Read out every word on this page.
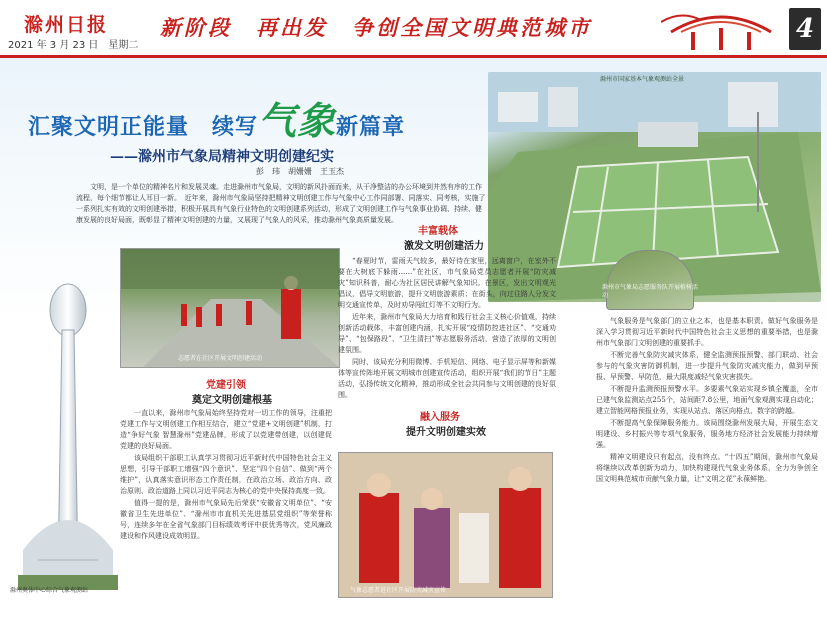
滁州日报
2021 年 3 月 23 日　星期二
新阶段　再出发　争创全国文明典范城市	4
滁州市国家基本气象观测站全景
汇聚文明正能量　续写气象新篇章
——滁州市气象局精神文明创建纪实
彭　玮　胡姗姗　王玉杰
文明，是一个单位的精神名片和发展灵魂。走进滁州市气象局，文明的新风扑面而来，从干净整洁的办公环境到井然有序的工作流程，每个细节都让人耳目一新。　近年来，滁州市气象局坚持把精神文明创建工作与气象中心工作同部署、同落实、同考核，实施了一系列扎实有效的文明创建举措，积极开展具有气象行业特色的文明创建系列活动，形成了文明创建工作与气象事业协调、持续、健康发展的良好局面，既彰显了精神文明创建的力量，又展现了气象人的风采，推动滁州气象高质量发展。
滁州奥体中心综合气象观测站
志愿者在社区开展文明创建活动
党建引领
奠定文明创建根基

一直以来，滁州市气象局始终坚持党对一切工作的领导，注重把党建工作与文明创建工作相互结合，建立“党建+文明创建”机制，打造“争好气象 智慧滁州”党建品牌，形成了以党建带创建，以创建促党建的良好局面。

该局组织干部职工认真学习贯彻习近平新时代中国特色社会主义思想，引导干部职工增强“四个意识”、坚定“四个自信”、做到“两个维护”，认真落实意识形态工作责任制，在政治立场、政治方向、政治原则、政治道路上同以习近平同志为核心的党中央保持高度一致。

值得一提的是，滁州市气象局先后荣获“安徽省文明单位”、“安徽省卫生先进单位”、“滁州市市直机关先进基层党组织”等荣誉称号，连续多年在全省气象部门目标绩效考评中获优秀等次，党风廉政建设和作风建设成效明显。

丰富载体
激发文明创建活力

“春夏时节，雷雨天气较多，最好待在家里，远离窗户，在室外不要在大树底下躲雨……”在社区，市气象局党员志愿者开展“防灾减灾”知识科普，耐心为社区居民讲解气象知识。在景区，发出文明观光倡议，倡导文明旅游，提升文明旅游素质；在街头，向过往路人分发文明交通宣传单，及时劝导闯红灯等不文明行为。

近年来，滁州市气象局大力培育和践行社会主义核心价值观，持续创新活动载体，丰富创建内涵，扎实开展“疫情防控进社区”、“交通劝导”、“包保路段”、“卫生清扫”等志愿服务活动，营造了浓厚的文明创建氛围。

同时，该局充分利用微博、手机短信、网络、电子显示屏等和新媒体等宣传阵地开展文明城市创建宣传活动，组织开展“我们的节日”主题活动，弘扬传统文化精神，推动形成全社会共同参与文明创建的良好氛围。

融入服务
提升文明创建实效
气象志愿者进社区开展防灾减灾宣传
滁州市气象局志愿服务队开展植树活动

气象服务是气象部门的立业之本，也是基本职责。做好气象服务是深入学习贯彻习近平新时代中国特色社会主义思想的重要举措，也是滁州市气象部门文明创建的重要抓手。

不断完善气象防灾减灾体系，健全监测预报预警、部门联动、社会参与的气象灾害防御机制，进一步提升气象防灾减灾能力，做到早预报、早预警、早防范，最大限度减轻气象灾害损失。

不断提升监测预报预警水平。多要素气象站实现乡镇全覆盖，全市已建气象监测站点255个，站间距7.8公里，地面气象观测实现自动化；建立智能网格预报业务，实现从站点、落区向格点、数字的跨越。

不断提高气象保障服务能力。该局围绕滁州发展大局，开展生态文明建设、乡村振兴等专项气象服务，服务地方经济社会发展能力持续增强。

精神文明建设只有起点，没有终点。“十四五”期间，滁州市气象局将继续以改革创新为动力，加快构建现代气象业务体系，全力为争创全国文明典范城市贡献气象力量，让“文明之花”永葆鲜艳。
